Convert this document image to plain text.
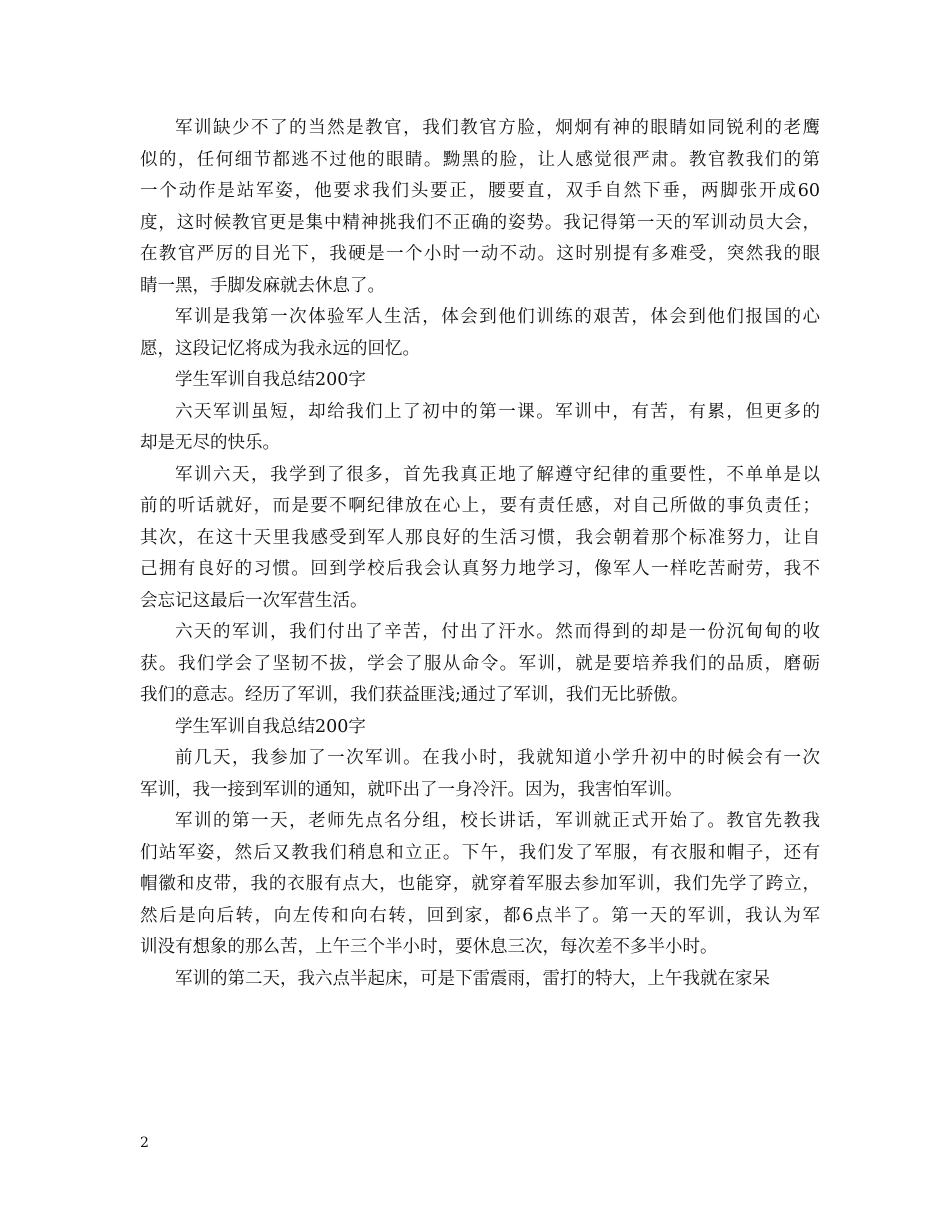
军训缺少不了的当然是教官，我们教官方脸，炯炯有神的眼睛如同锐利的老鹰
似的，任何细节都逃不过他的眼睛。黝黑的脸，让人感觉很严肃。教官教我们的第
一个动作是站军姿，他要求我们头要正，腰要直，双手自然下垂，两脚张开成60
度，这时候教官更是集中精神挑我们不正确的姿势。我记得第一天的军训动员大会，
在教官严厉的目光下，我硬是一个小时一动不动。这时别提有多难受，突然我的眼
睛一黑，手脚发麻就去休息了。
军训是我第一次体验军人生活，体会到他们训练的艰苦，体会到他们报国的心
愿，这段记忆将成为我永远的回忆。
学生军训自我总结200字
六天军训虽短，却给我们上了初中的第一课。军训中，有苦，有累，但更多的
却是无尽的快乐。
军训六天，我学到了很多，首先我真正地了解遵守纪律的重要性，不单单是以
前的听话就好，而是要不啊纪律放在心上，要有责任感，对自己所做的事负责任；
其次，在这十天里我感受到军人那良好的生活习惯，我会朝着那个标准努力，让自
己拥有良好的习惯。回到学校后我会认真努力地学习，像军人一样吃苦耐劳，我不
会忘记这最后一次军营生活。
六天的军训，我们付出了辛苦，付出了汗水。然而得到的却是一份沉甸甸的收
获。我们学会了坚韧不拔，学会了服从命令。军训，就是要培养我们的品质，磨砺
我们的意志。经历了军训，我们获益匪浅;通过了军训，我们无比骄傲。
学生军训自我总结200字
前几天，我参加了一次军训。在我小时，我就知道小学升初中的时候会有一次
军训，我一接到军训的通知，就吓出了一身冷汗。因为，我害怕军训。
军训的第一天，老师先点名分组，校长讲话，军训就正式开始了。教官先教我
们站军姿，然后又教我们稍息和立正。下午，我们发了军服，有衣服和帽子，还有
帽徽和皮带，我的衣服有点大，也能穿，就穿着军服去参加军训，我们先学了跨立，
然后是向后转，向左传和向右转，回到家，都6点半了。第一天的军训，我认为军
训没有想象的那么苦，上午三个半小时，要休息三次，每次差不多半小时。
军训的第二天，我六点半起床，可是下雷震雨，雷打的特大，上午我就在家呆
2
